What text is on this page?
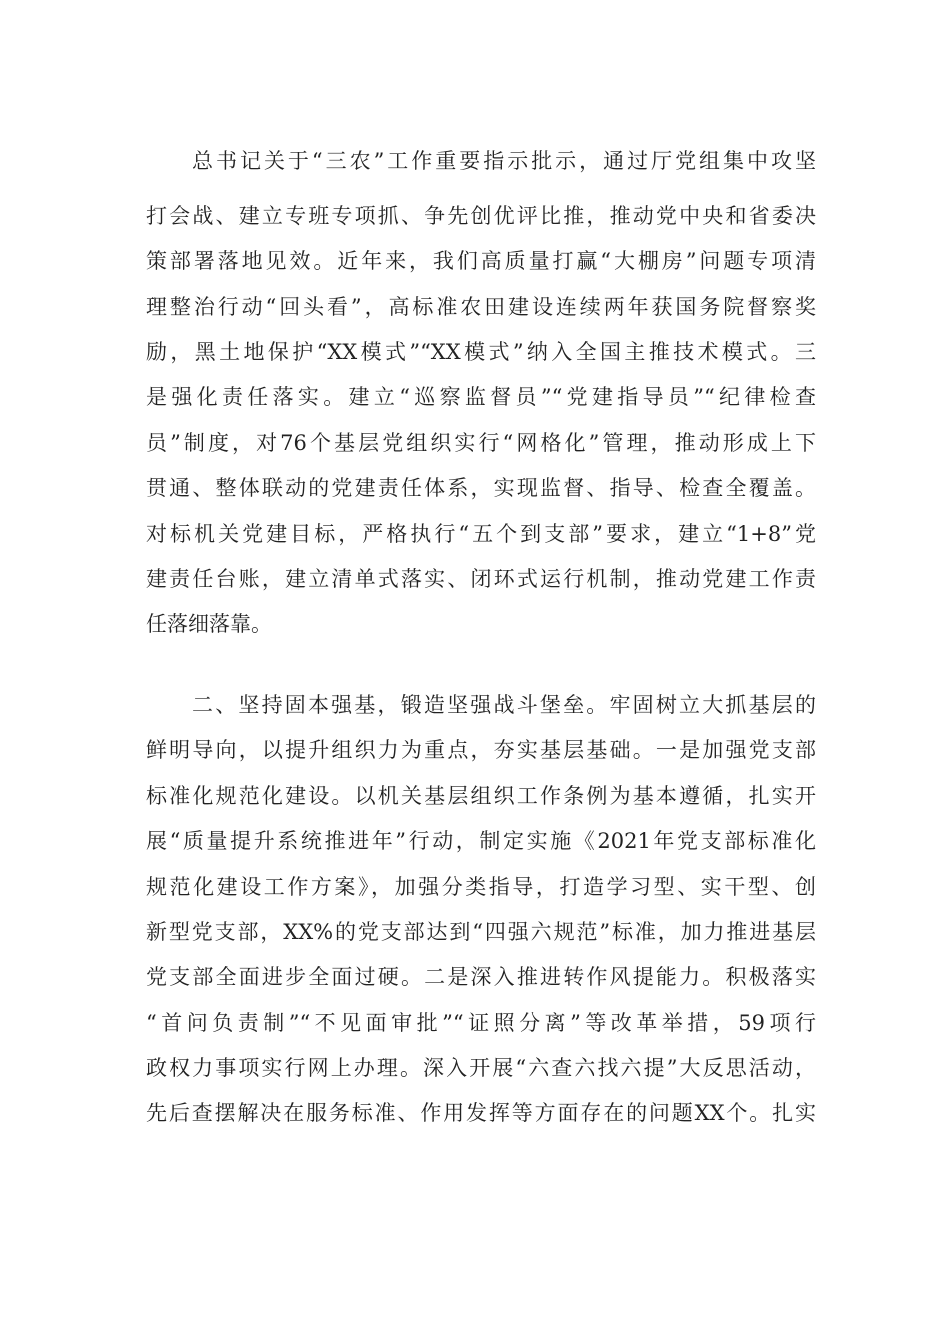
总书记关于“三农”工作重要指示批示，通过厅党组集中攻坚
打会战、建立专班专项抓、争先创优评比推，推动党中央和省委决
策部署落地见效。近年来，我们高质量打赢“大棚房”问题专项清
理整治行动“回头看”，高标准农田建设连续两年获国务院督察奖
励，黑土地保护“XX模式”“XX模式”纳入全国主推技术模式。三
是强化责任落实。建立“巡察监督员”“党建指导员”“纪律检查
员”制度，对76个基层党组织实行“网格化”管理，推动形成上下
贯通、整体联动的党建责任体系，实现监督、指导、检查全覆盖。
对标机关党建目标，严格执行“五个到支部”要求，建立“1+8”党
建责任台账，建立清单式落实、闭环式运行机制，推动党建工作责
任落细落靠。
二、坚持固本强基，锻造坚强战斗堡垒。牢固树立大抓基层的
鲜明导向，以提升组织力为重点，夯实基层基础。一是加强党支部
标准化规范化建设。以机关基层组织工作条例为基本遵循，扎实开
展“质量提升系统推进年”行动，制定实施《2021年党支部标准化
规范化建设工作方案》，加强分类指导，打造学习型、实干型、创
新型党支部，XX%的党支部达到“四强六规范”标准，加力推进基层
党支部全面进步全面过硬。二是深入推进转作风提能力。积极落实
“首问负责制”“不见面审批”“证照分离”等改革举措，59项行
政权力事项实行网上办理。深入开展“六查六找六提”大反思活动，
先后查摆解决在服务标准、作用发挥等方面存在的问题XX个。扎实
